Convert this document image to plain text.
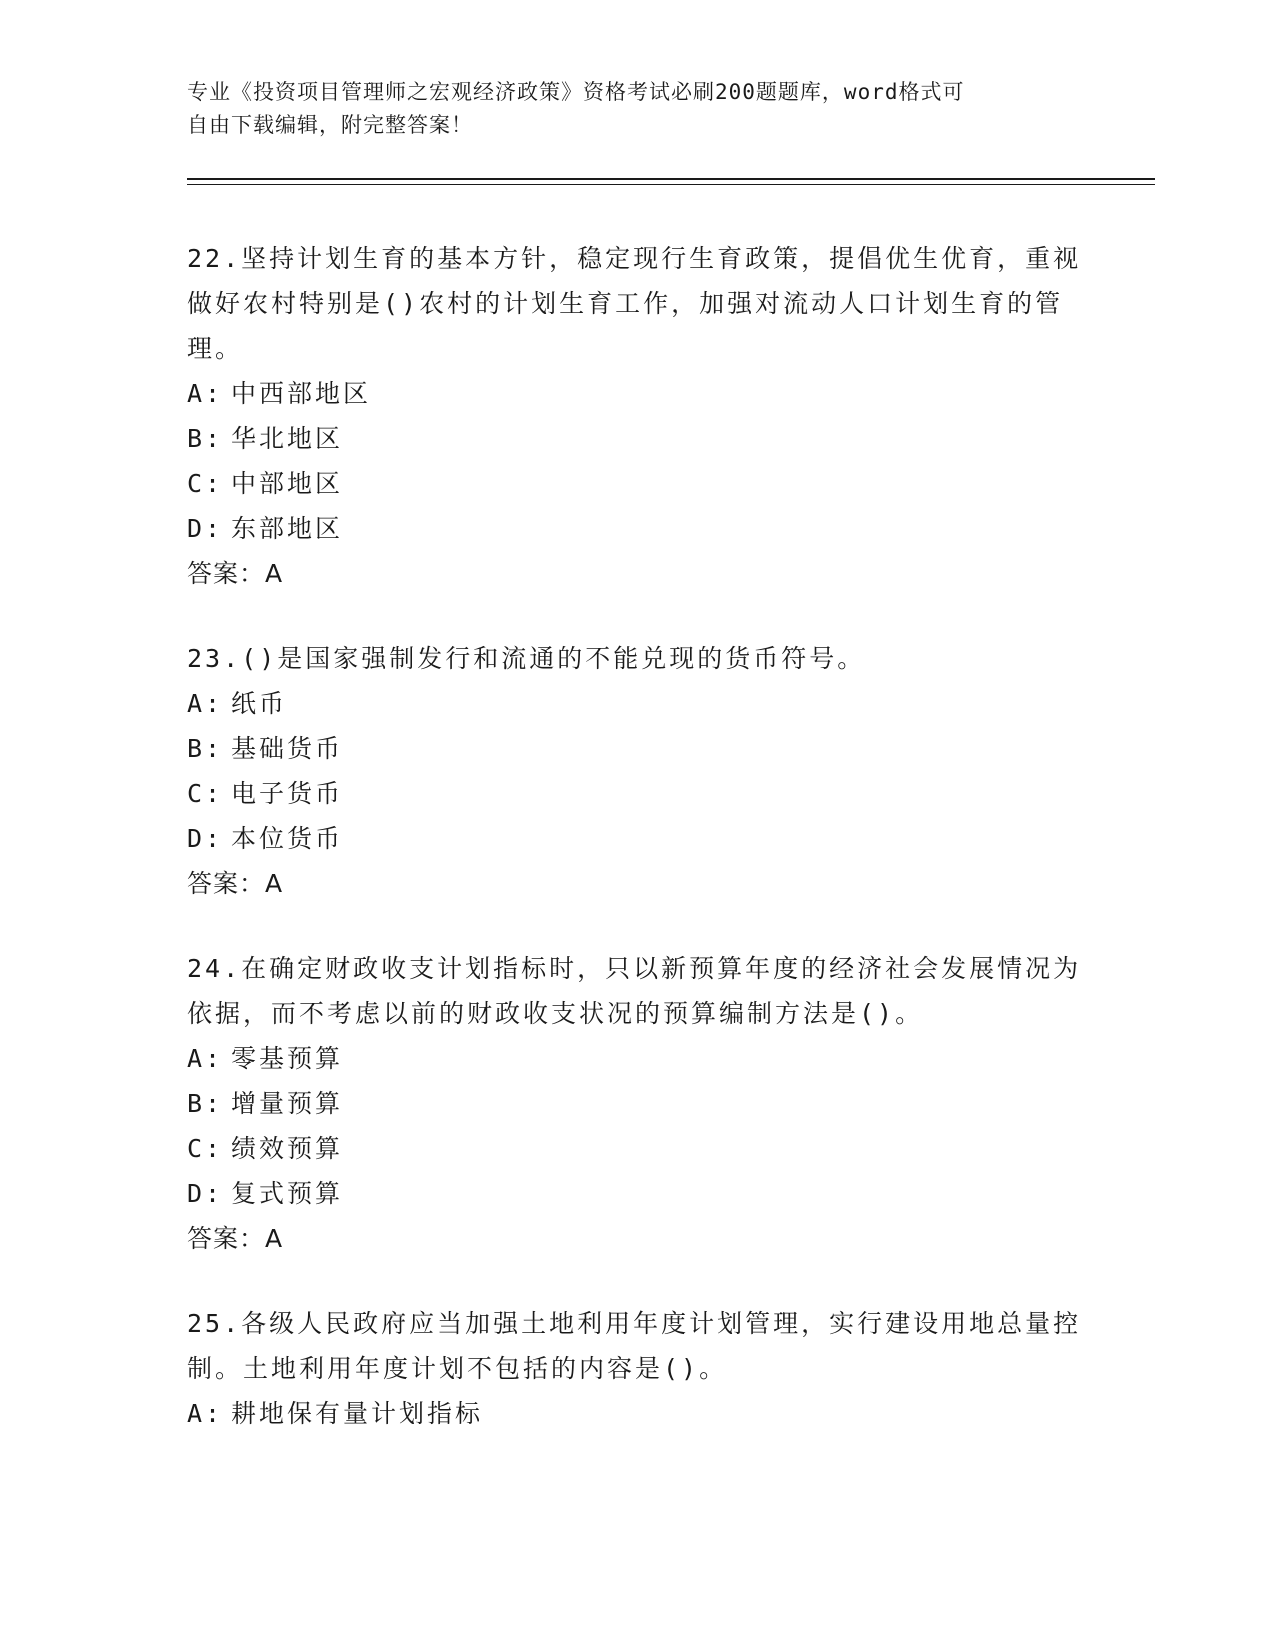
专业《投资项目管理师之宏观经济政策》资格考试必刷200题题库，word格式可
自由下载编辑，附完整答案！

22.坚持计划生育的基本方针，稳定现行生育政策，提倡优生优育，重视做好农村特别是()农村的计划生育工作，加强对流动人口计划生育的管理。

A: 中西部地区

B: 华北地区

C: 中部地区

D: 东部地区

答案：A

23.()是国家强制发行和流通的不能兑现的货币符号。

A: 纸币

B: 基础货币

C: 电子货币

D: 本位货币

答案：A

24.在确定财政收支计划指标时，只以新预算年度的经济社会发展情况为依据，而不考虑以前的财政收支状况的预算编制方法是()。

A: 零基预算

B: 增量预算

C: 绩效预算

D: 复式预算

答案：A

25.各级人民政府应当加强土地利用年度计划管理，实行建设用地总量控制。土地利用年度计划不包括的内容是()。

A: 耕地保有量计划指标
